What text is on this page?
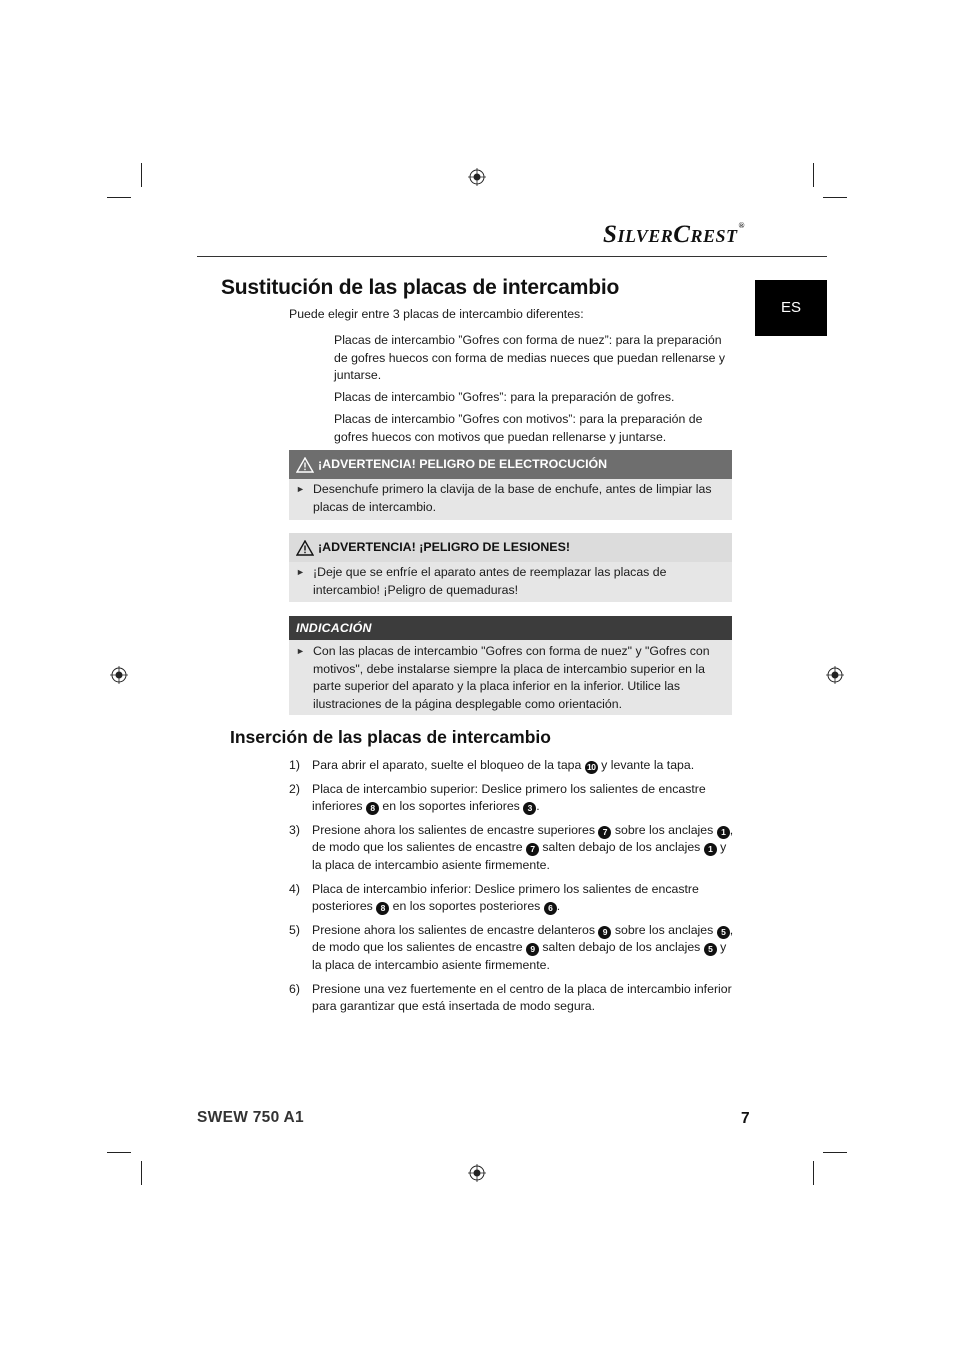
SILVERCREST®
ES
Sustitución de las placas de intercambio
Puede elegir entre 3 placas de intercambio diferentes:

Placas de intercambio ”Gofres con forma de nuez”: para la preparación de gofres huecos con forma de medias nueces que puedan rellenarse y juntarse.

Placas de intercambio ”Gofres”: para la preparación de gofres.

Placas de intercambio ”Gofres con motivos”: para la preparación de gofres huecos con motivos que puedan rellenarse y juntarse.

¡ADVERTENCIA! PELIGRO DE ELECTROCUCIÓN
► Desenchufe primero la clavija de la base de enchufe, antes de limpiar las placas de intercambio.
¡ADVERTENCIA! ¡PELIGRO DE LESIONES!
► ¡Deje que se enfríe el aparato antes de reemplazar las placas de intercambio! ¡Peligro de quemaduras!
INDICACIÓN
► Con las placas de intercambio "Gofres con forma de nuez" y "Gofres con motivos", debe instalarse siempre la placa de intercambio superior en la parte superior del aparato y la placa inferior en la inferior. Utilice las ilustraciones de la página desplegable como orientación.
Inserción de las placas de intercambio
1) Para abrir el aparato, suelte el bloqueo de la tapa 10 y levante la tapa.
2) Placa de intercambio superior: Deslice primero los salientes de encastre inferiores 8 en los soportes inferiores 3 .
3) Presione ahora los salientes de encastre superiores 7 sobre los anclajes 1 , de modo que los salientes de encastre 7 salten debajo de los anclajes 1 y la placa de intercambio asiente firmemente.
4) Placa de intercambio inferior: Deslice primero los salientes de encastre posteriores 8 en los soportes posteriores 6 .
5) Presione ahora los salientes de encastre delanteros 9 sobre los anclajes 5 , de modo que los salientes de encastre 9 salten debajo de los anclajes 5 y la placa de intercambio asiente firmemente.
6) Presione una vez fuertemente en el centro de la placa de intercambio inferior para garantizar que está insertada de modo segura.
SWEW 750 A1	7
